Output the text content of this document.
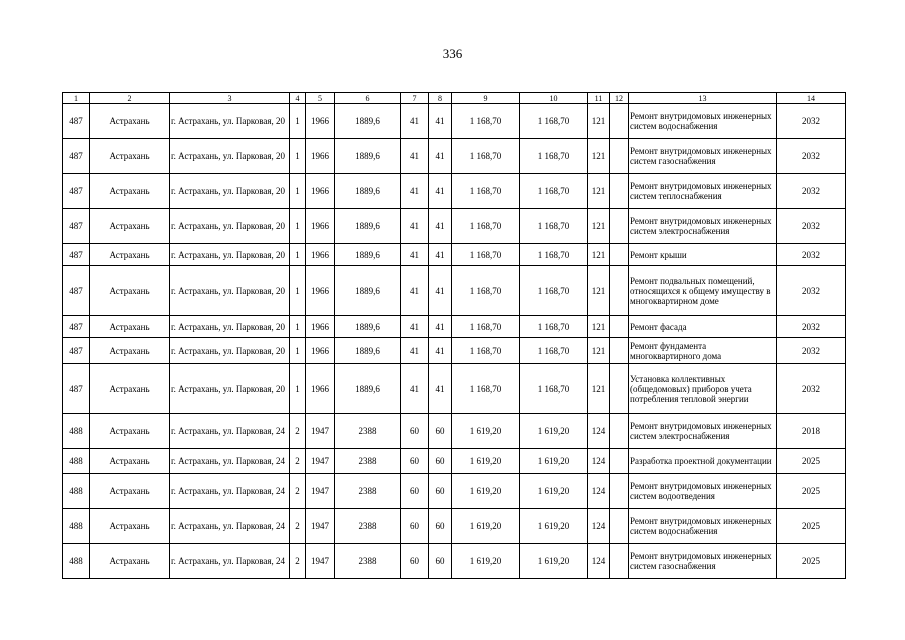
336
1	2	3	4	5	6	7	8	9	10	11	12	13	14
487	Астрахань	г. Астрахань, ул. Парковая, 20	1	1966	1889,6	41	41	1 168,70	1 168,70	121		Ремонт внутридомовых инженерных систем водоснабжения	2032
487	Астрахань	г. Астрахань, ул. Парковая, 20	1	1966	1889,6	41	41	1 168,70	1 168,70	121		Ремонт внутридомовых инженерных систем газоснабжения	2032
487	Астрахань	г. Астрахань, ул. Парковая, 20	1	1966	1889,6	41	41	1 168,70	1 168,70	121		Ремонт внутридомовых инженерных систем теплоснабжения	2032
487	Астрахань	г. Астрахань, ул. Парковая, 20	1	1966	1889,6	41	41	1 168,70	1 168,70	121		Ремонт внутридомовых инженерных систем электроснабжения	2032
487	Астрахань	г. Астрахань, ул. Парковая, 20	1	1966	1889,6	41	41	1 168,70	1 168,70	121		Ремонт крыши	2032
487	Астрахань	г. Астрахань, ул. Парковая, 20	1	1966	1889,6	41	41	1 168,70	1 168,70	121		Ремонт подвальных помещений, относящихся к общему имуществу в многоквартирном доме	2032
487	Астрахань	г. Астрахань, ул. Парковая, 20	1	1966	1889,6	41	41	1 168,70	1 168,70	121		Ремонт фасада	2032
487	Астрахань	г. Астрахань, ул. Парковая, 20	1	1966	1889,6	41	41	1 168,70	1 168,70	121		Ремонт фундамента многоквартирного дома	2032
487	Астрахань	г. Астрахань, ул. Парковая, 20	1	1966	1889,6	41	41	1 168,70	1 168,70	121		Установка коллективных (общедомовых) приборов учета потребления тепловой энергии	2032
488	Астрахань	г. Астрахань, ул. Парковая, 24	2	1947	2388	60	60	1 619,20	1 619,20	124		Ремонт внутридомовых инженерных систем электроснабжения	2018
488	Астрахань	г. Астрахань, ул. Парковая, 24	2	1947	2388	60	60	1 619,20	1 619,20	124		Разработка проектной документации	2025
488	Астрахань	г. Астрахань, ул. Парковая, 24	2	1947	2388	60	60	1 619,20	1 619,20	124		Ремонт внутридомовых инженерных систем водоотведения	2025
488	Астрахань	г. Астрахань, ул. Парковая, 24	2	1947	2388	60	60	1 619,20	1 619,20	124		Ремонт внутридомовых инженерных систем водоснабжения	2025
488	Астрахань	г. Астрахань, ул. Парковая, 24	2	1947	2388	60	60	1 619,20	1 619,20	124		Ремонт внутридомовых инженерных систем газоснабжения	2025
